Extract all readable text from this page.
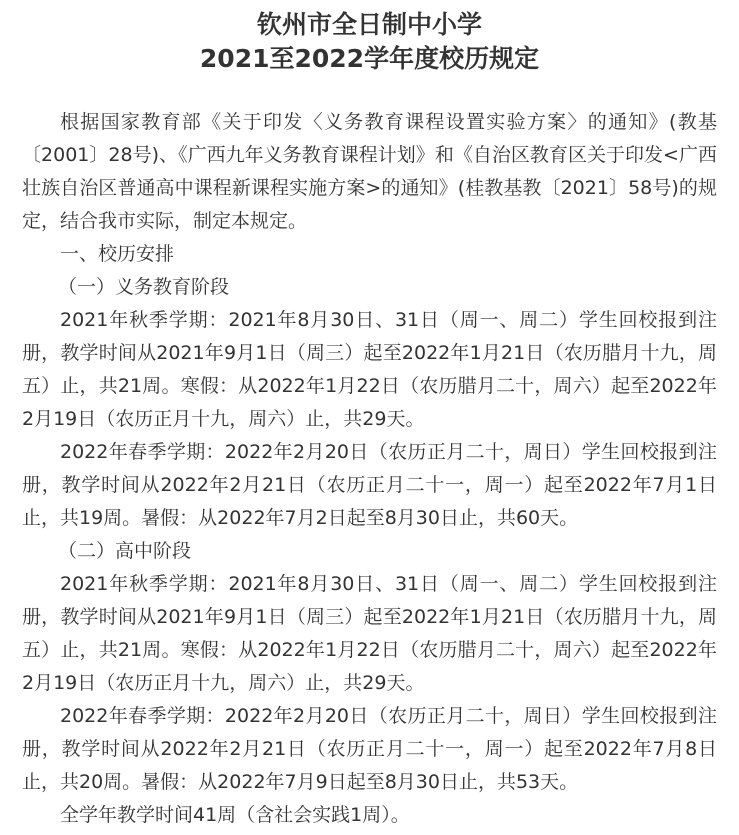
钦州市全日制中小学
2021至2022学年度校历规定

根据国家教育部《关于印发〈义务教育课程设置实验方案〉的通知》(教基〔2001〕28号)、《广西九年义务教育课程计划》和《自治区教育区关于印发<广西壮族自治区普通高中课程新课程实施方案>的通知》(桂教基教〔2021〕58号)的规定，结合我市实际，制定本规定。

一、校历安排

（一）义务教育阶段

2021年秋季学期：2021年8月30日、31日（周一、周二）学生回校报到注册，教学时间从2021年9月1日（周三）起至2022年1月21日（农历腊月十九，周五）止，共21周。寒假：从2022年1月22日（农历腊月二十，周六）起至2022年2月19日（农历正月十九，周六）止，共29天。

2022年春季学期：2022年2月20日（农历正月二十，周日）学生回校报到注册，教学时间从2022年2月21日（农历正月二十一，周一）起至2022年7月1日止，共19周。暑假：从2022年7月2日起至8月30日止，共60天。

（二）高中阶段

2021年秋季学期：2021年8月30日、31日（周一、周二）学生回校报到注册，教学时间从2021年9月1日（周三）起至2022年1月21日（农历腊月十九，周五）止，共21周。寒假：从2022年1月22日（农历腊月二十，周六）起至2022年2月19日（农历正月十九，周六）止，共29天。

2022年春季学期：2022年2月20日（农历正月二十，周日）学生回校报到注册，教学时间从2022年2月21日（农历正月二十一，周一）起至2022年7月8日止，共20周。暑假：从2022年7月9日起至8月30日止，共53天。

全学年教学时间41周（含社会实践1周）。
